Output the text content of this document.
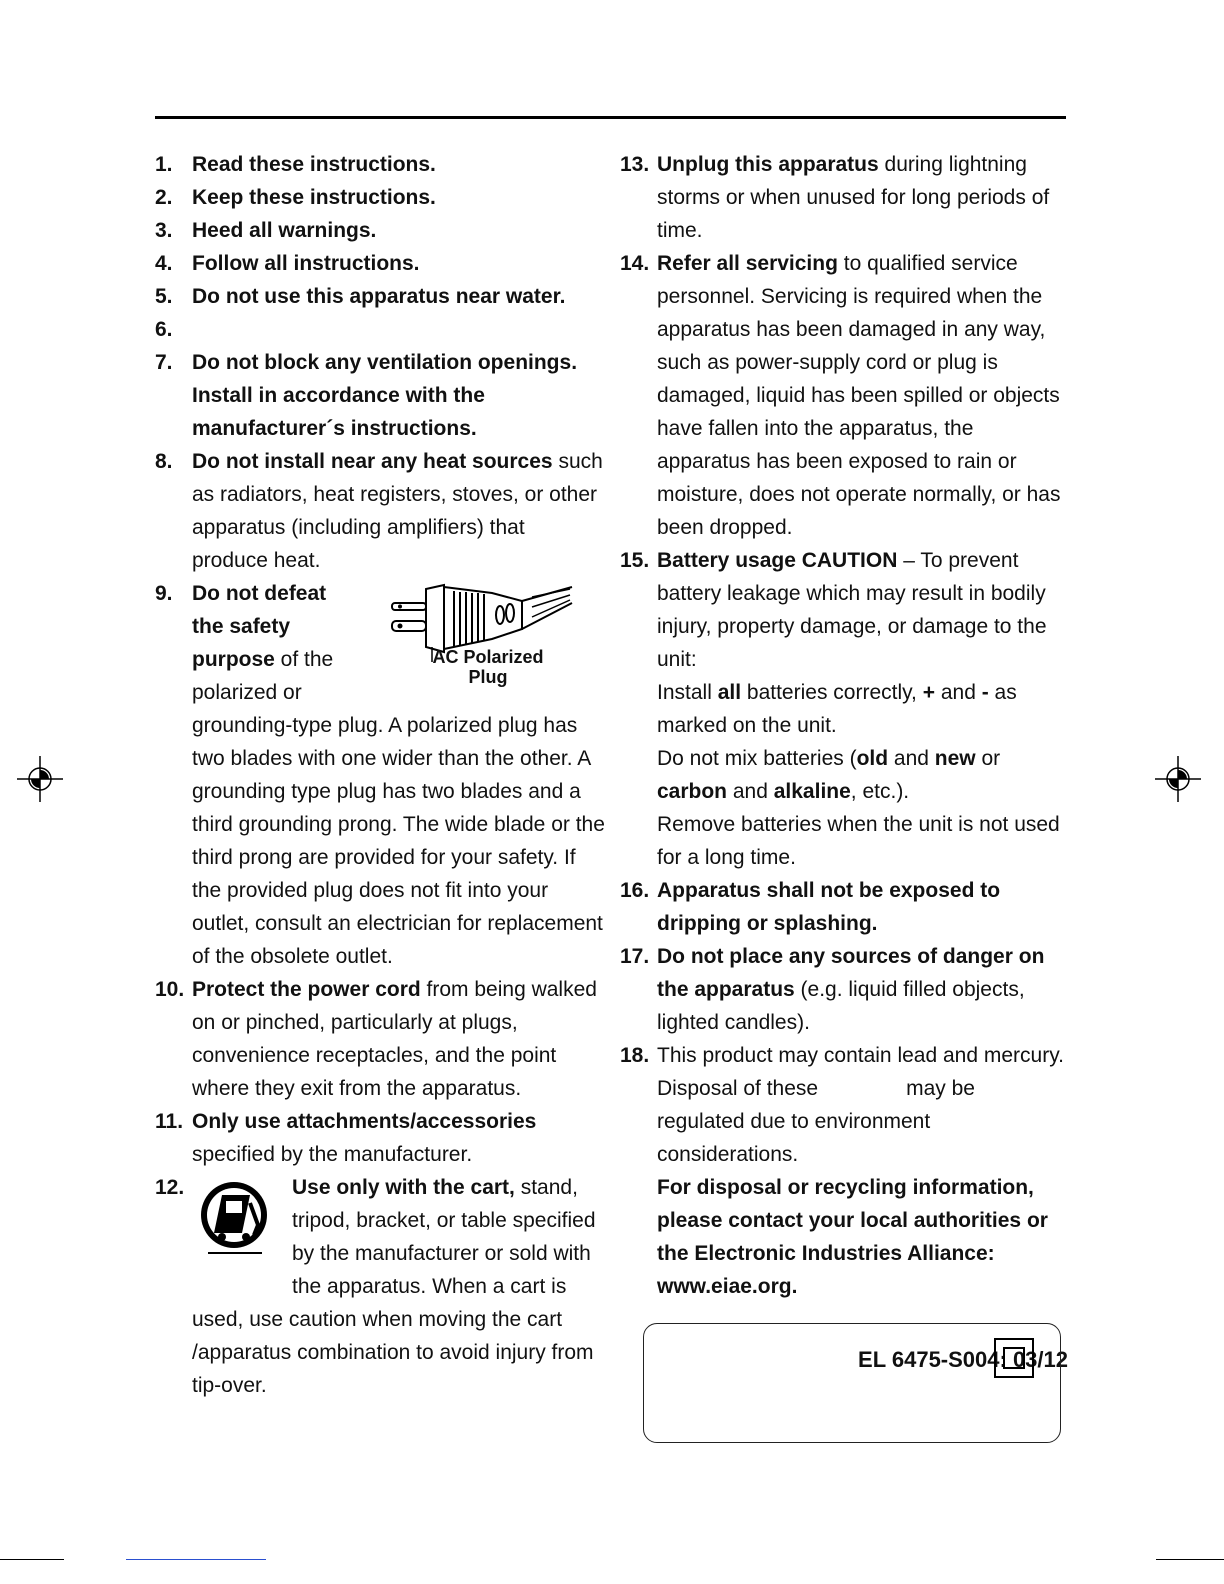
1. Read these instructions.

2. Keep these instructions.

3. Heed all warnings.

4. Follow all instructions.

5. Do not use this apparatus near water.

6.

7. Do not block any ventilation openings. Install in accordance with the manufacturer´s instructions.

8. Do not install near any heat sources such as radiators, heat registers, stoves, or other apparatus (including amplifiers) that produce heat.

9. Do not defeat
the safety
purpose of the
polarized or
AC Polarized
Plug

grounding-type plug. A polarized plug has two blades with one wider than the other. A grounding type plug has two blades and a third grounding prong. The wide blade or the third prong are provided for your safety. If the provided plug does not fit into your outlet, consult an electrician for replacement of the obsolete outlet.

10. Protect the power cord from being walked on or pinched, particularly at plugs, convenience receptacles, and the point where they exit from the apparatus.

11. Only use attachments/accessories

specified by the manufacturer.

12.	Use only with the cart, stand, tripod, bracket, or table specified by the manufacturer or sold with the apparatus. When a cart is

used, use caution when moving the cart /apparatus combination to avoid injury from tip-over.

13. Unplug this apparatus during lightning storms or when unused for long periods of time.

14. Refer all servicing to qualified service personnel. Servicing is required when the apparatus has been damaged in any way, such as power-supply cord or plug is damaged, liquid has been spilled or objects have fallen into the apparatus, the apparatus has been exposed to rain or moisture, does not operate normally, or has been dropped.

15. Battery usage CAUTION – To prevent battery leakage which may result in bodily injury, property damage, or damage to the unit:

Install all batteries correctly, + and - as marked on the unit.

Do not mix batteries (old and new or carbon and alkaline, etc.).

Remove batteries when the unit is not used for a long time.

16. Apparatus shall not be exposed to dripping or splashing.

17. Do not place any sources of danger on the apparatus (e.g. liquid filled objects, lighted candles).

18. This product may contain lead and mercury. Disposal of these	may be regulated due to environment considerations.

For disposal or recycling information, please contact your local authorities or the Electronic Industries Alliance: www.eiae.org.

EL 6475-S004: 03/12
